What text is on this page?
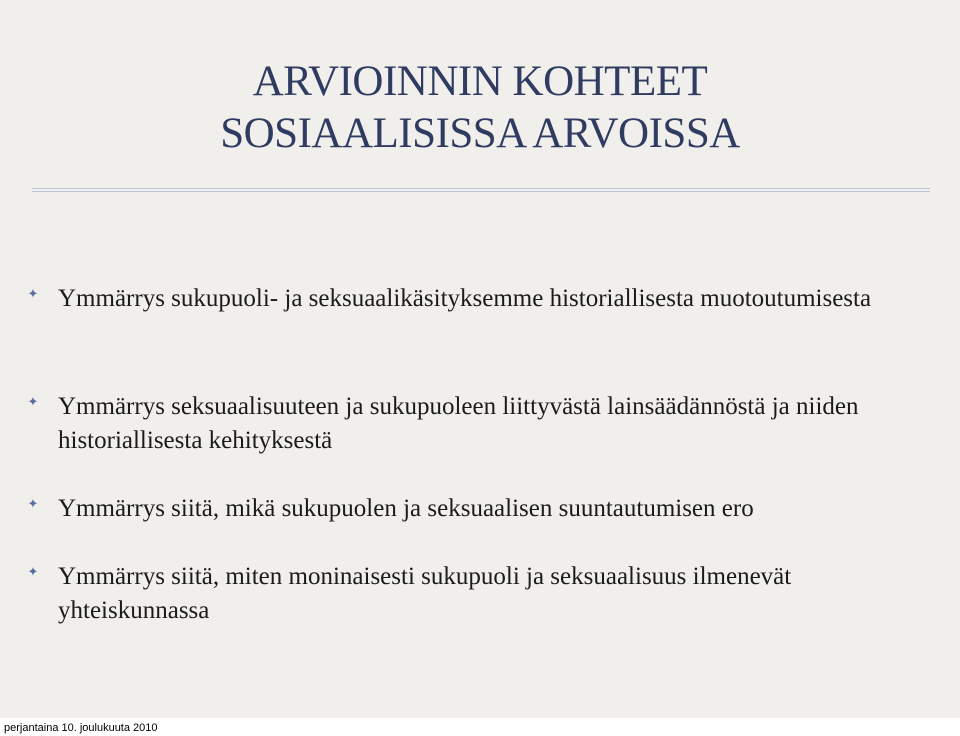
ARVIOINNIN KOHTEET
SOSIAALISISSA ARVOISSA
✦ Ymmärrys sukupuoli- ja seksuaalikäsityksemme historiallisesta muotoutumisesta
✦ Ymmärrys seksuaalisuuteen ja sukupuoleen liittyvästä lainsäädännöstä ja niiden historiallisesta kehityksestä
✦ Ymmärrys siitä, mikä sukupuolen ja seksuaalisen suuntautumisen ero
✦ Ymmärrys siitä, miten moninaisesti sukupuoli ja seksuaalisuus ilmenevät yhteiskunnassa
perjantaina 10. joulukuuta 2010
